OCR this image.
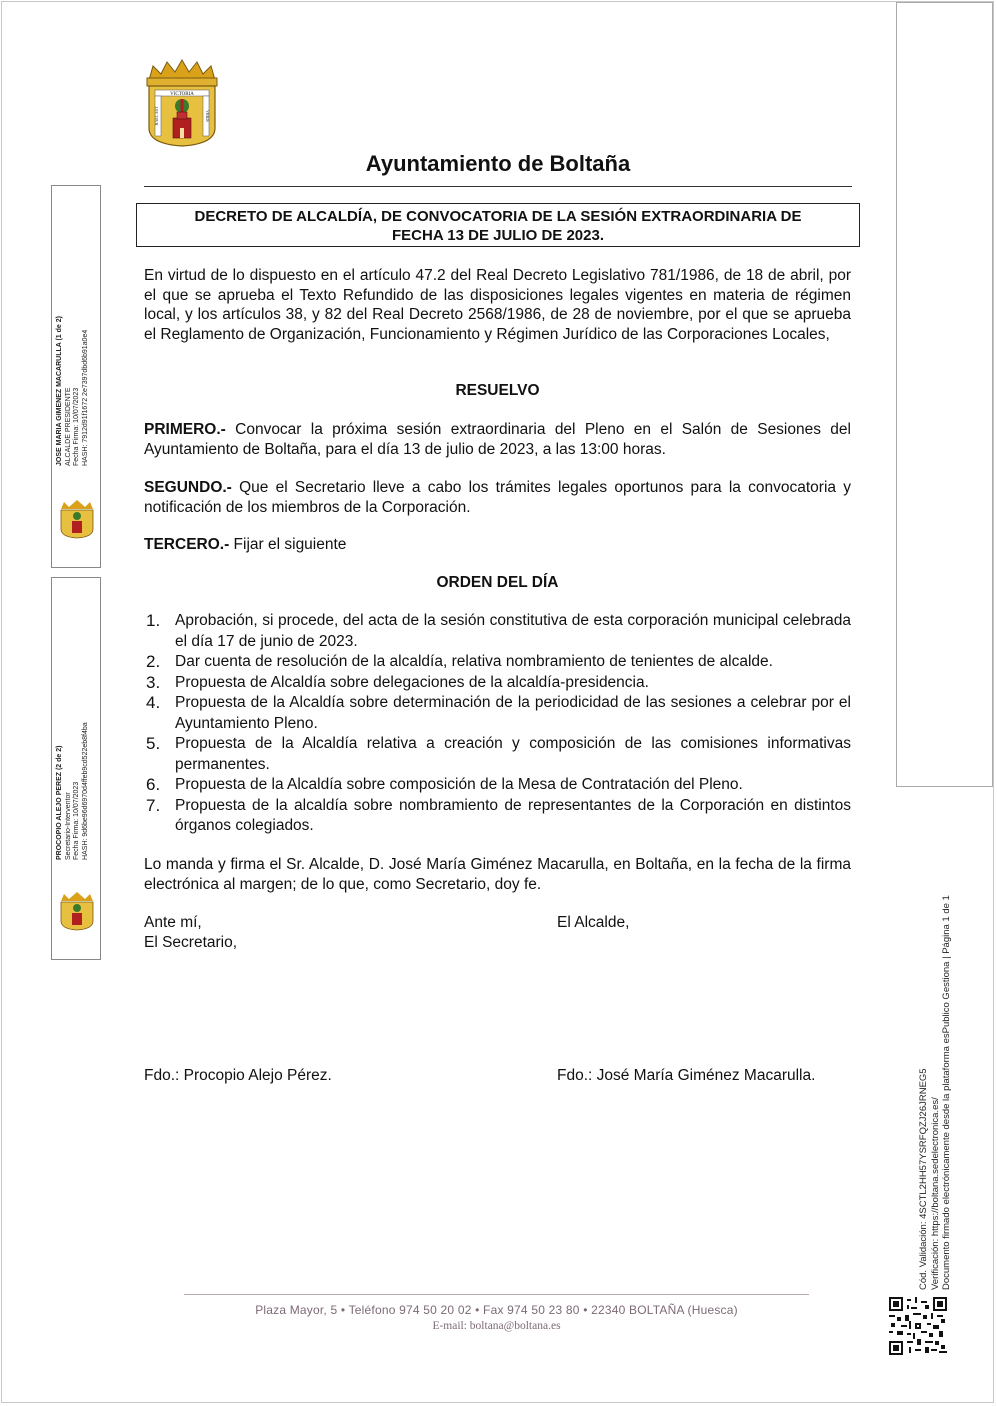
VICTORIA
HAEC EST	VRBIS
Ayuntamiento de Boltaña
DECRETO DE ALCALDÍA, DE CONVOCATORIA DE LA SESIÓN EXTRAORDINARIA DE
FECHA 13 DE JULIO DE 2023.
En virtud de lo dispuesto en el artículo 47.2 del Real Decreto Legislativo 781/1986, de 18 de abril, por el que se aprueba el Texto Refundido de las disposiciones legales vigentes en materia de régimen local, y los artículos 38, y 82 del Real Decreto 2568/1986, de 28 de noviembre, por el que se aprueba el Reglamento de Organización, Funcionamiento y Régimen Jurídico de las Corporaciones Locales,
RESUELVO
PRIMERO.- Convocar la próxima sesión extraordinaria del Pleno en el Salón de Sesiones del Ayuntamiento de Boltaña, para el día 13 de julio de 2023, a las 13:00 horas.
SEGUNDO.- Que el Secretario lleve a cabo los trámites legales oportunos para la convocatoria y notificación de los miembros de la Corporación.
TERCERO.- Fijar el siguiente
ORDEN DEL DÍA
1. Aprobación, si procede, del acta de la sesión constitutiva de esta corporación municipal celebrada el día 17 de junio de 2023.
2. Dar cuenta de resolución de la alcaldía, relativa nombramiento de tenientes de alcalde.
3. Propuesta de Alcaldía sobre delegaciones de la alcaldía-presidencia.
4. Propuesta de la Alcaldía sobre determinación de la periodicidad de las sesiones a celebrar por el Ayuntamiento Pleno.
5. Propuesta de la Alcaldía relativa a creación y composición de las comisiones informativas permanentes.
6. Propuesta de la Alcaldía sobre composición de la Mesa de Contratación del Pleno.
7. Propuesta de la alcaldía sobre nombramiento de representantes de la Corporación en distintos órganos colegiados.
Lo manda y firma el Sr. Alcalde, D. José María Giménez Macarulla, en Boltaña, en la fecha de la firma electrónica al margen; de lo que, como Secretario, doy fe.
Ante mí,
El Secretario,
El Alcalde,
Fdo.: Procopio Alejo Pérez.	Fdo.: José María Giménez Macarulla.
JOSE MARIA GIMENEZ MACARULLA (1 de 2) ALCALDE PRESIDENTE Fecha Firma: 10/07/2023 HASH: 7912d91f1672 2e7397dbd6b91a0e4
PROCOPIO ALEJO PEREZ (2 de 2) Secretario-Interventor Fecha Firma: 10/07/2023 HASH: 9d6be96d6970d4ffeb9cd522eb8f4ba
Cód. Validación: 4SCTL2HH57YSRFQZJ26JRNEG5 Verificación: https://boltana.sedelectronica.es/ Documento firmado electrónicamente desde la plataforma esPublico Gestiona | Página 1 de 1
Plaza Mayor, 5 • Teléfono 974 50 20 02 • Fax 974 50 23 80 • 22340 BOLTAÑA (Huesca)
E-mail: boltana@boltana.es
